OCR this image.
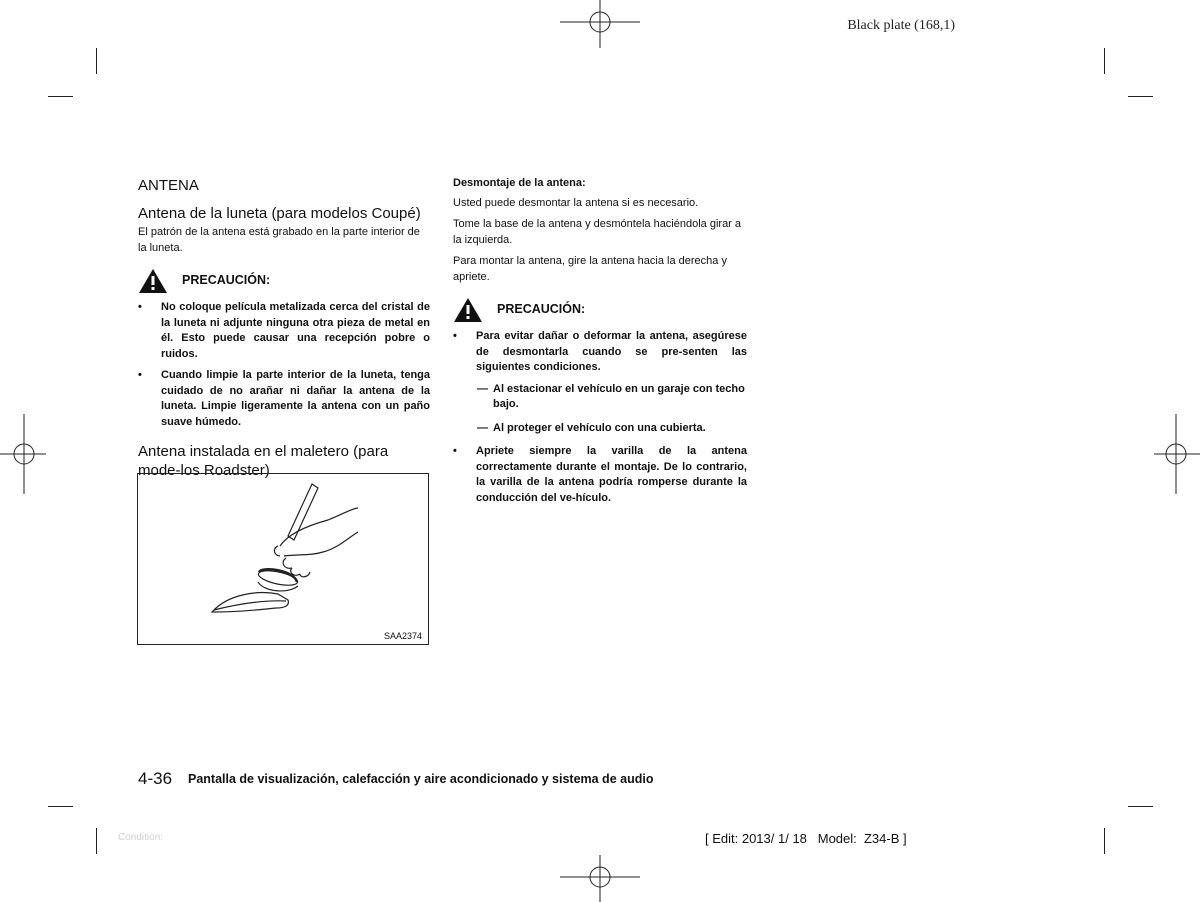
Black plate (168,1)
ANTENA
Antena de la luneta (para modelos Coupé)
El patrón de la antena está grabado en la parte interior de la luneta.
PRECAUCIÓN:
• No coloque película metalizada cerca del cristal de la luneta ni adjunte ninguna otra pieza de metal en él. Esto puede causar una recepción pobre o ruidos.
• Cuando limpie la parte interior de la luneta, tenga cuidado de no arañar ni dañar la antena de la luneta. Limpie ligeramente la antena con un paño suave húmedo.
Antena instalada en el maletero (para mode-los Roadster)
SAA2374
Desmontaje de la antena:
Usted puede desmontar la antena si es necesario.
Tome la base de la antena y desmóntela haciéndola girar a la izquierda.
Para montar la antena, gire la antena hacia la derecha y apriete.
PRECAUCIÓN:
• Para evitar dañar o deformar la antena, asegúrese de desmontarla cuando se pre-senten las siguientes condiciones.
— Al estacionar el vehículo en un garaje con techo bajo.
— Al proteger el vehículo con una cubierta.
• Apriete siempre la varilla de la antena correctamente durante el montaje. De lo contrario, la varilla de la antena podría romperse durante la conducción del ve-hículo.
4-36 Pantalla de visualización, calefacción y aire acondicionado y sistema de audio
Condition:	[ Edit: 2013/ 1/ 18   Model:  Z34-B ]
